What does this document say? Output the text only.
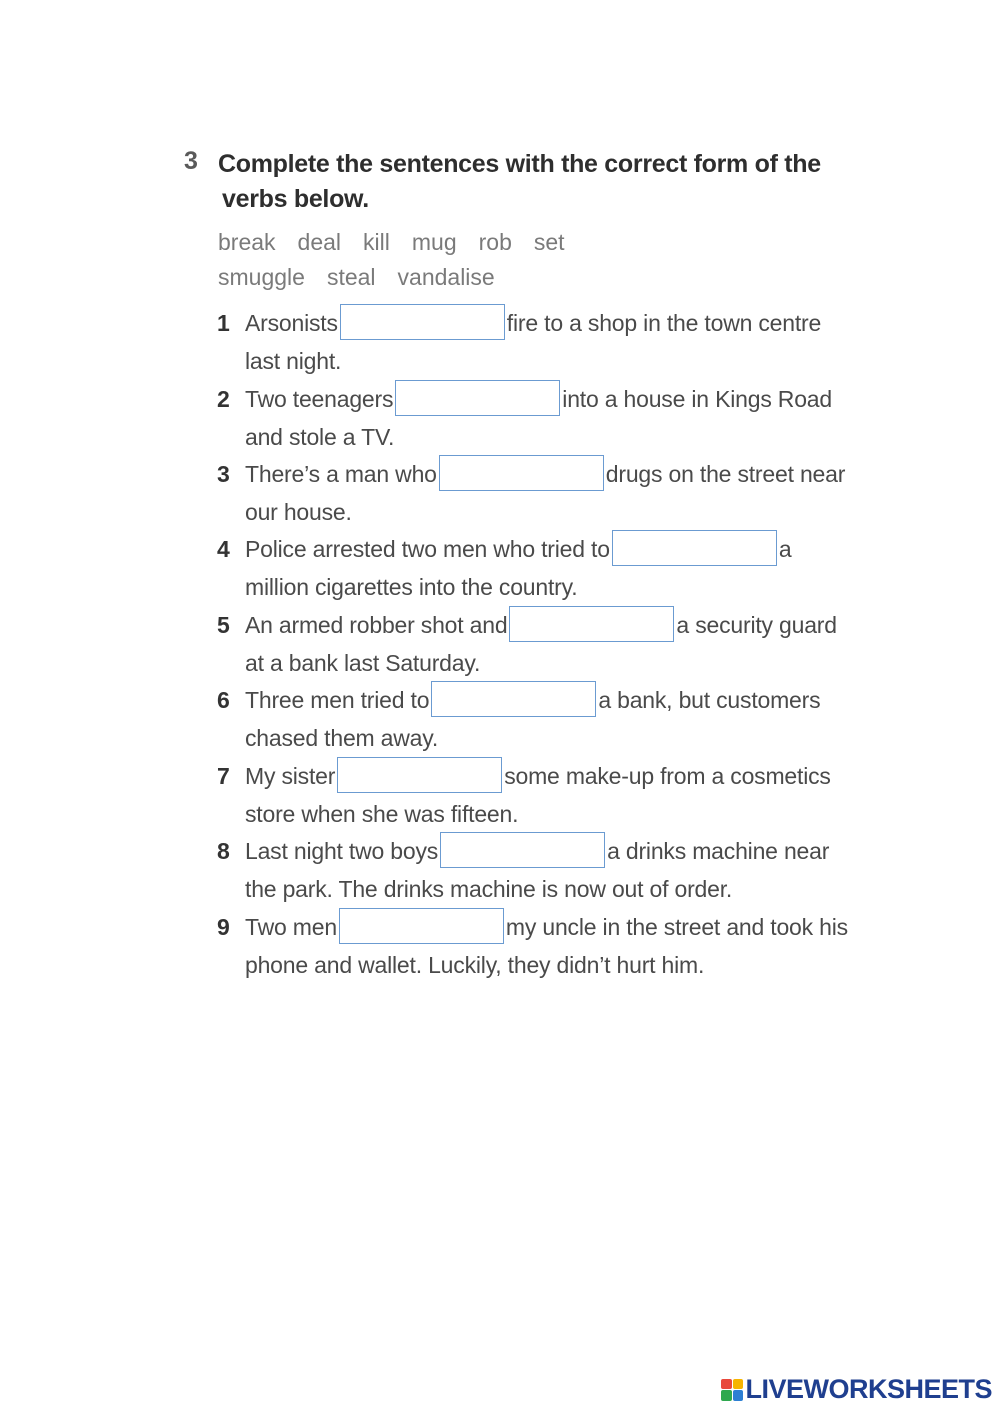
3 Complete the sentences with the correct form of the
verbs below.
break deal kill mug rob set
smuggle steal vandalise
1 Arsonists	fire to a shop in the town centre
last night.
2 Two teenagers	into a house in Kings Road
and stole a TV.
3 There’s a man who	drugs on the street near
our house.
4 Police arrested two men who tried to	a
million cigarettes into the country.
5 An armed robber shot and	a security guard
at a bank last Saturday.
6 Three men tried to	a bank, but customers
chased them away.
7 My sister	some make-up from a cosmetics
store when she was fifteen.
8 Last night two boys	a drinks machine near
the park. The drinks machine is now out of order.
9 Two men	my uncle in the street and took his
phone and wallet. Luckily, they didn’t hurt him.
LIVEWORKSHEETS
